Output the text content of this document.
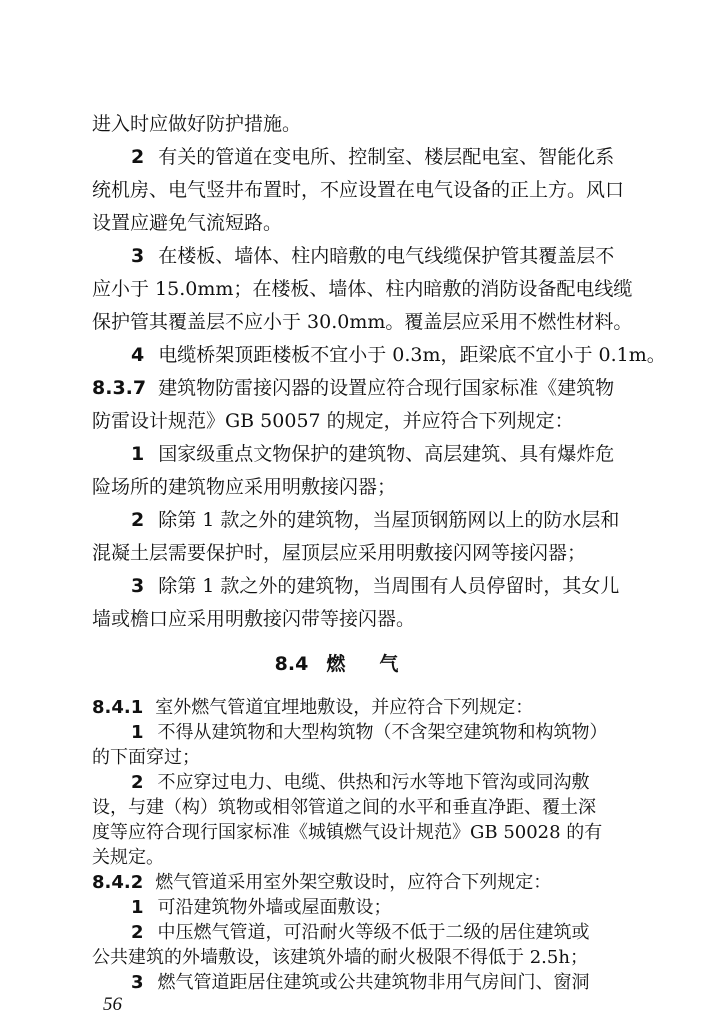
进入时应做好防护措施。
2 有关的管道在变电所、控制室、楼层配电室、智能化系
统机房、电气竖井布置时，不应设置在电气设备的正上方。风口
设置应避免气流短路。
3 在楼板、墙体、柱内暗敷的电气线缆保护管其覆盖层不
应小于 15.0mm；在楼板、墙体、柱内暗敷的消防设备配电线缆
保护管其覆盖层不应小于 30.0mm。覆盖层应采用不燃性材料。
4 电缆桥架顶距楼板不宜小于 0.3m，距梁底不宜小于 0.1m。
8.3.7 建筑物防雷接闪器的设置应符合现行国家标准《建筑物
防雷设计规范》GB 50057 的规定，并应符合下列规定：
1 国家级重点文物保护的建筑物、高层建筑、具有爆炸危
险场所的建筑物应采用明敷接闪器；
2 除第 1 款之外的建筑物，当屋顶钢筋网以上的防水层和
混凝土层需要保护时，屋顶层应采用明敷接闪网等接闪器；
3 除第 1 款之外的建筑物，当周围有人员停留时，其女儿
墙或檐口应采用明敷接闪带等接闪器。
8.4 燃气
8.4.1 室外燃气管道宜埋地敷设，并应符合下列规定：
1 不得从建筑物和大型构筑物（不含架空建筑物和构筑物）
的下面穿过；
2 不应穿过电力、电缆、供热和污水等地下管沟或同沟敷
设，与建（构）筑物或相邻管道之间的水平和垂直净距、覆土深
度等应符合现行国家标准《城镇燃气设计规范》GB 50028 的有
关规定。
8.4.2 燃气管道采用室外架空敷设时，应符合下列规定：
1 可沿建筑物外墙或屋面敷设；
2 中压燃气管道，可沿耐火等级不低于二级的居住建筑或
公共建筑的外墙敷设，该建筑外墙的耐火极限不得低于 2.5h；
3 燃气管道距居住建筑或公共建筑物非用气房间门、窗洞
56
